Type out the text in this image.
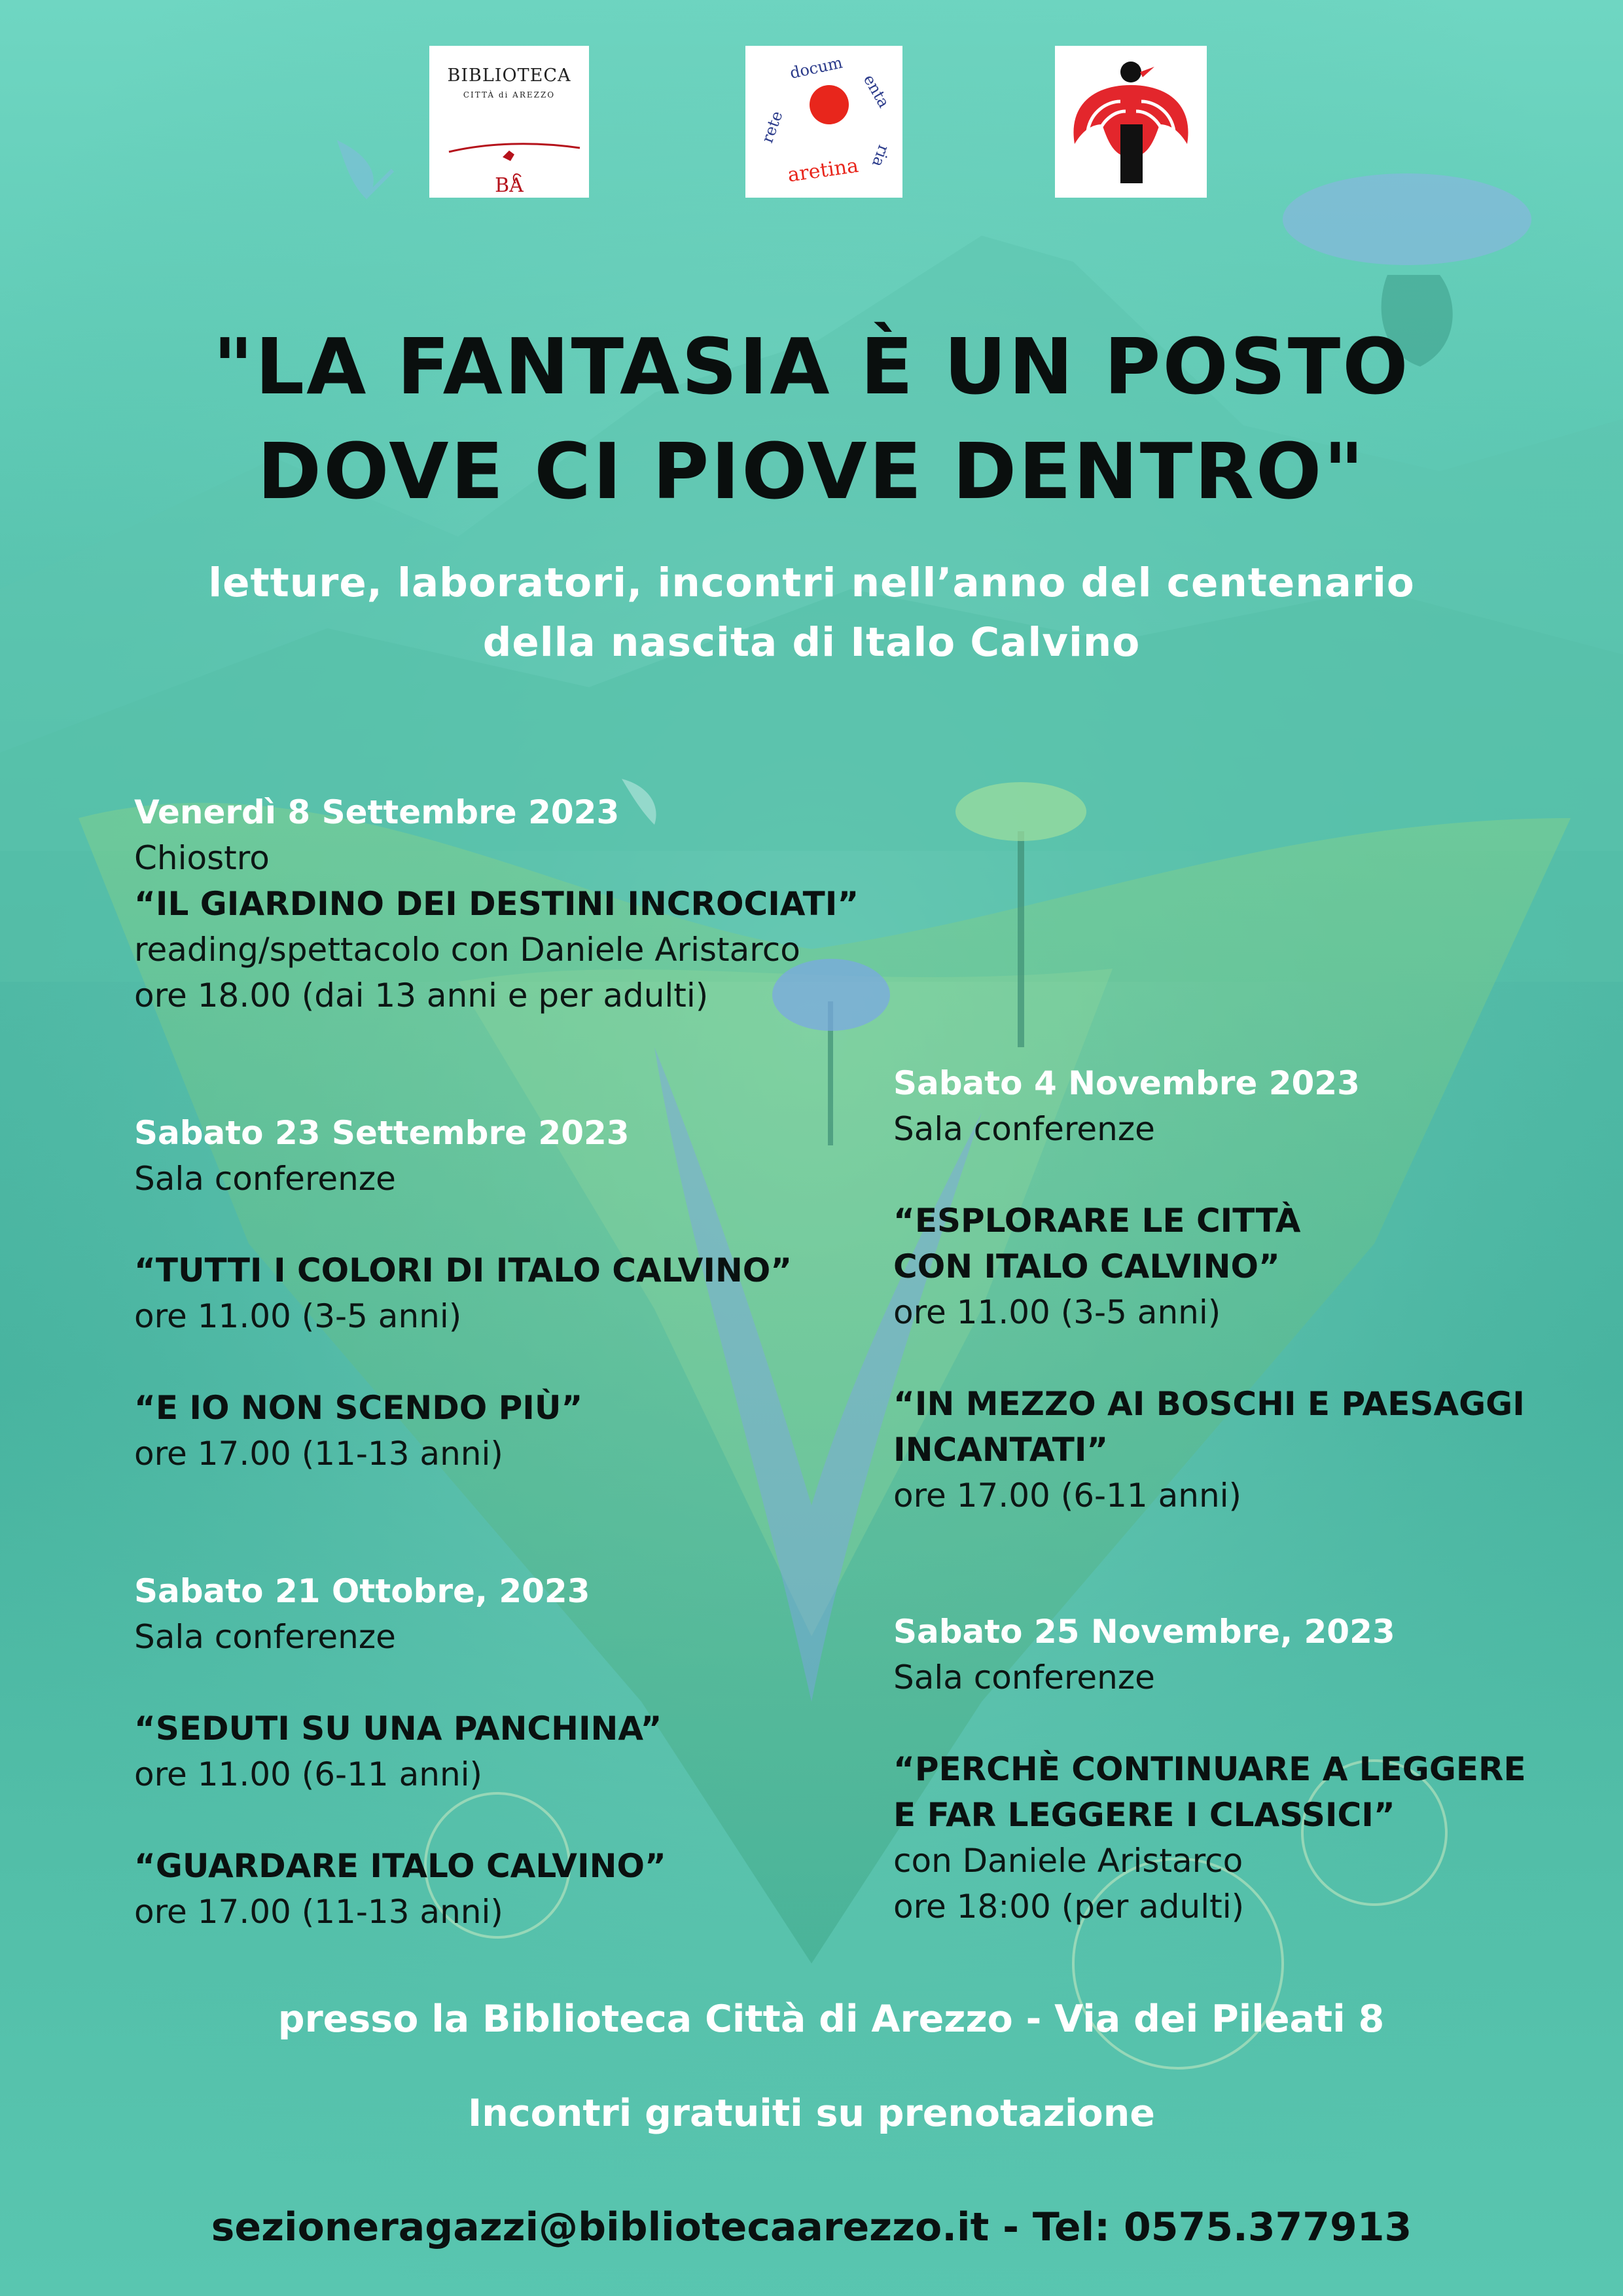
BIBLIOTECA
CITTÀ di AREZZO
BA
rete
docum
enta
ria
aretina
"LA FANTASIA È UN POSTO
DOVE CI PIOVE DENTRO"
letture, laboratori, incontri nell’anno del centenario
della nascita di Italo Calvino
Venerdì 8 Settembre 2023
Chiostro
“IL GIARDINO DEI DESTINI INCROCIATI”
reading/spettacolo con Daniele Aristarco
ore 18.00 (dai 13 anni e per adulti)
Sabato 23 Settembre 2023
Sala conferenze
“TUTTI I COLORI DI ITALO CALVINO”
ore 11.00 (3-5 anni)
“E IO NON SCENDO PIÙ”
ore 17.00 (11-13 anni)
Sabato 21 Ottobre, 2023
Sala conferenze
“SEDUTI SU UNA PANCHINA”
ore 11.00 (6-11 anni)
“GUARDARE ITALO CALVINO”
ore 17.00 (11-13 anni)
Sabato 4 Novembre 2023
Sala conferenze
“ESPLORARE LE CITTÀ
CON ITALO CALVINO”
ore 11.00 (3-5 anni)
“IN MEZZO AI BOSCHI E PAESAGGI
INCANTATI”
ore 17.00 (6-11 anni)
Sabato 25 Novembre, 2023
Sala conferenze
“PERCHÈ CONTINUARE A LEGGERE
E FAR LEGGERE I CLASSICI”
con Daniele Aristarco
ore 18:00 (per adulti)

presso la Biblioteca Città di Arezzo - Via dei Pileati 8

Incontri gratuiti su prenotazione

sezioneragazzi@bibliotecaarezzo.it - Tel: 0575.377913
